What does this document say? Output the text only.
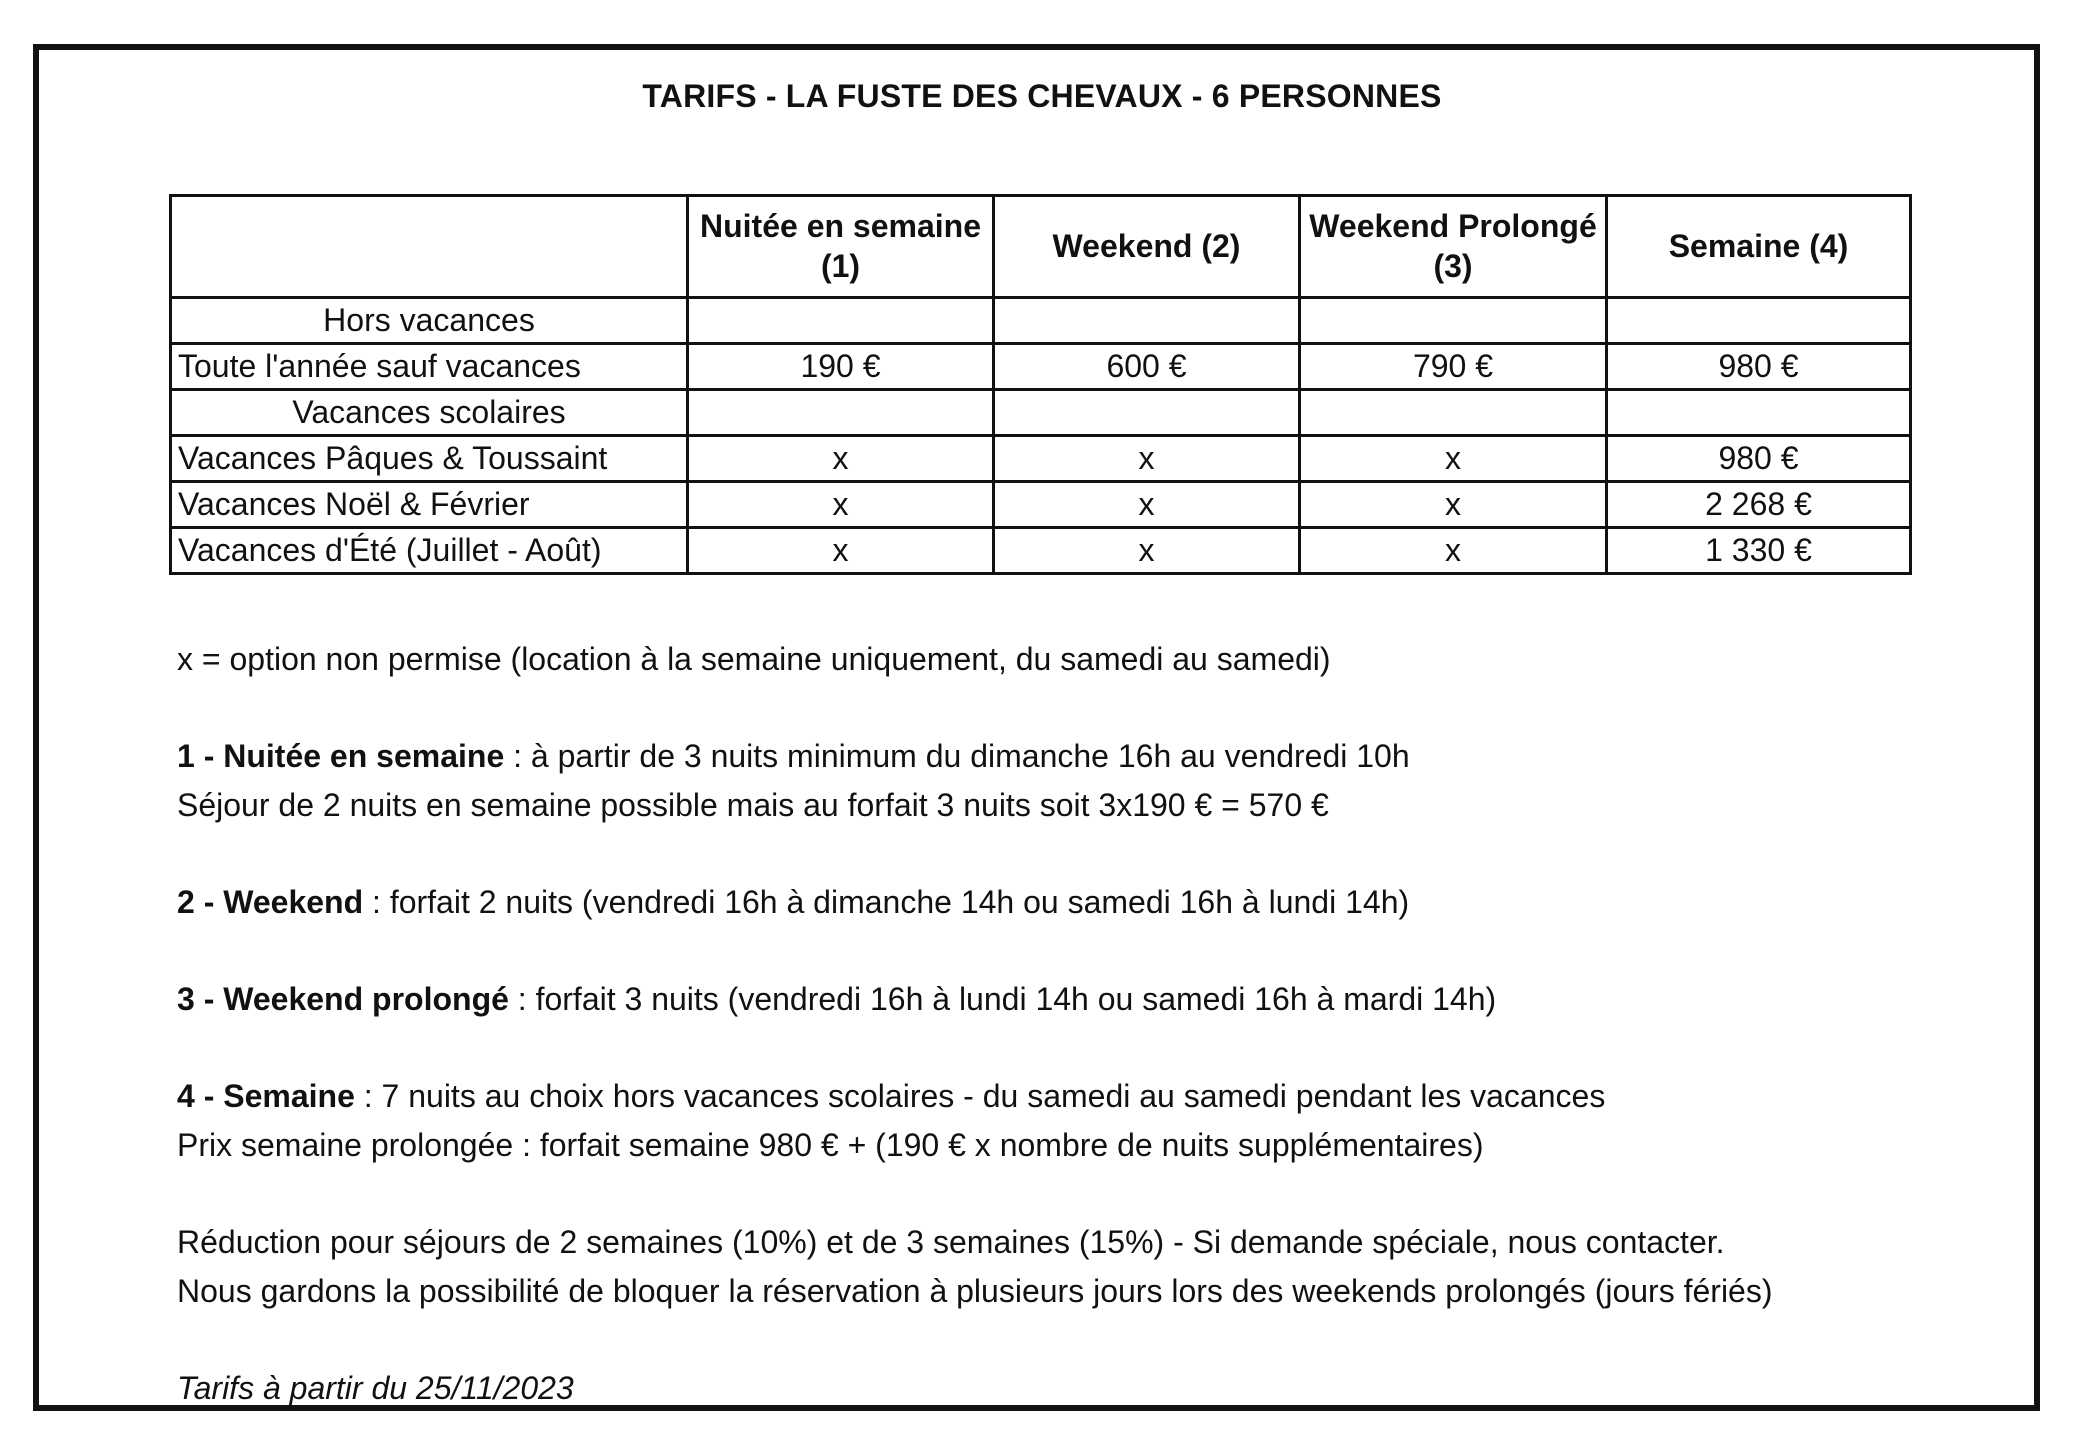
TARIFS - LA FUSTE DES CHEVAUX - 6 PERSONNES
	Nuitée en semaine (1)	Weekend (2)	Weekend Prolongé (3)	Semaine (4)
Hors vacances				
Toute l'année sauf vacances	190 €	600 €	790 €	980 €
Vacances scolaires				
Vacances Pâques & Toussaint	x	x	x	980 €
Vacances Noël & Février	x	x	x	2 268 €
Vacances d'Été (Juillet - Août)	x	x	x	1 330 €

x = option non permise (location à la semaine uniquement, du samedi au samedi)

1 - Nuitée en semaine : à partir de 3 nuits minimum du dimanche 16h au vendredi 10h

Séjour de 2 nuits en semaine possible mais au forfait 3 nuits soit 3x190 € = 570 €

2 - Weekend : forfait 2 nuits (vendredi 16h à dimanche 14h ou samedi 16h à lundi 14h)

3 - Weekend prolongé : forfait 3 nuits (vendredi 16h à lundi 14h ou samedi 16h à mardi 14h)

4 - Semaine : 7 nuits au choix hors vacances scolaires - du samedi au samedi pendant les vacances

Prix semaine prolongée : forfait semaine 980 € + (190 € x nombre de nuits supplémentaires)

Réduction pour séjours de 2 semaines (10%) et de 3 semaines (15%) - Si demande spéciale, nous contacter.

Nous gardons la possibilité de bloquer la réservation à plusieurs jours lors des weekends prolongés (jours fériés)

Tarifs à partir du 25/11/2023
